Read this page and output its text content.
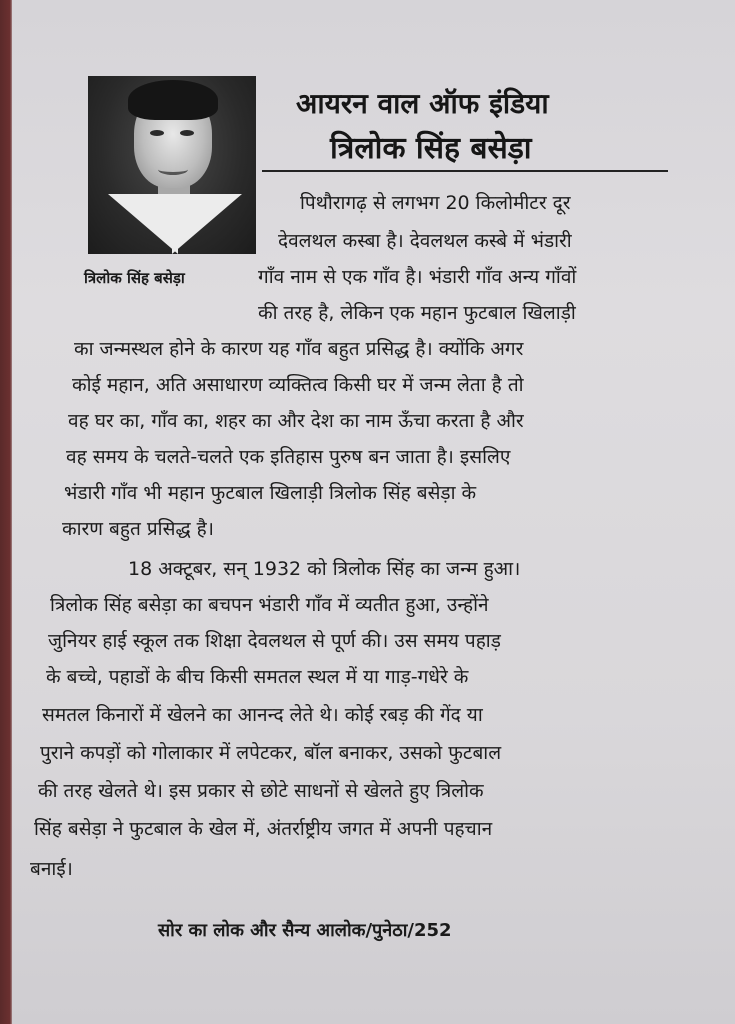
त्रिलोक सिंह बसेड़ा
आयरन वाल ऑफ इंडिया
त्रिलोक सिंह बसेड़ा
पिथौरागढ़ से लगभग 20 किलोमीटर दूर
देवलथल कस्बा है। देवलथल कस्बे में भंडारी
गाँव नाम से एक गाँव है। भंडारी गाँव अन्य गाँवों
की तरह है, लेकिन एक महान फुटबाल खिलाड़ी
का जन्मस्थल होने के कारण यह गाँव बहुत प्रसिद्ध है। क्योंकि अगर
कोई महान, अति असाधारण व्यक्तित्व किसी घर में जन्म लेता है तो
वह घर का, गाँव का, शहर का और देश का नाम ऊँचा करता है और
वह समय के चलते-चलते एक इतिहास पुरुष बन जाता है। इसलिए
भंडारी गाँव भी महान फुटबाल खिलाड़ी त्रिलोक सिंह बसेड़ा के
कारण बहुत प्रसिद्ध है।
18 अक्टूबर, सन् 1932 को त्रिलोक सिंह का जन्म हुआ।
त्रिलोक सिंह बसेड़ा का बचपन भंडारी गाँव में व्यतीत हुआ, उन्होंने
जुनियर हाई स्कूल तक शिक्षा देवलथल से पूर्ण की। उस समय पहाड़
के बच्चे, पहाडों के बीच किसी समतल स्थल में या गाड़-गधेरे के
समतल किनारों में खेलने का आनन्द लेते थे। कोई रबड़ की गेंद या
पुराने कपड़ों को गोलाकार में लपेटकर, बॉल बनाकर, उसको फुटबाल
की तरह खेलते थे। इस प्रकार से छोटे साधनों से खेलते हुए त्रिलोक
सिंह बसेड़ा ने फुटबाल के खेल में, अंतर्राष्ट्रीय जगत में अपनी पहचान
बनाई।
सोर का लोक और सैन्य आलोक/पुनेठा/252
